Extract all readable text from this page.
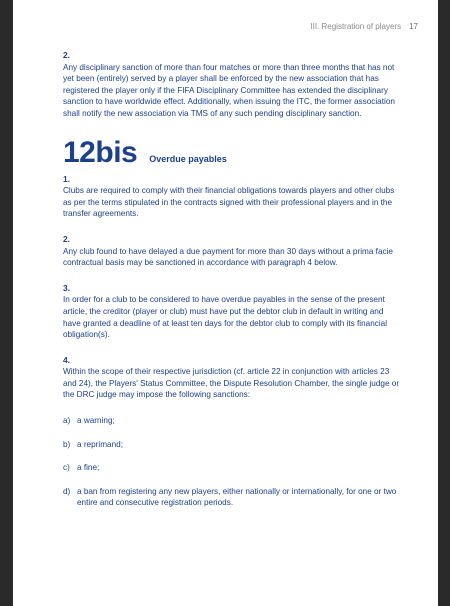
III. Registration of players 17
2.
Any disciplinary sanction of more than four matches or more than three months that has not yet been (entirely) served by a player shall be enforced by the new association that has registered the player only if the FIFA Disciplinary Committee has extended the disciplinary sanction to have worldwide effect. Additionally, when issuing the ITC, the former association shall notify the new association via TMS of any such pending disciplinary sanction.
12bis Overdue payables
1.
Clubs are required to comply with their financial obligations towards players and other clubs as per the terms stipulated in the contracts signed with their professional players and in the transfer agreements.
2.
Any club found to have delayed a due payment for more than 30 days without a prima facie contractual basis may be sanctioned in accordance with paragraph 4 below.
3.
In order for a club to be considered to have overdue payables in the sense of the present article, the creditor (player or club) must have put the debtor club in default in writing and have granted a deadline of at least ten days for the debtor club to comply with its financial obligation(s).
4.
Within the scope of their respective jurisdiction (cf. article 22 in conjunction with articles 23 and 24), the Players' Status Committee, the Dispute Resolution Chamber, the single judge or the DRC judge may impose the following sanctions:
a) a warning;
b) a reprimand;
c) a fine;
d) a ban from registering any new players, either nationally or internationally, for one or two entire and consecutive registration periods.
